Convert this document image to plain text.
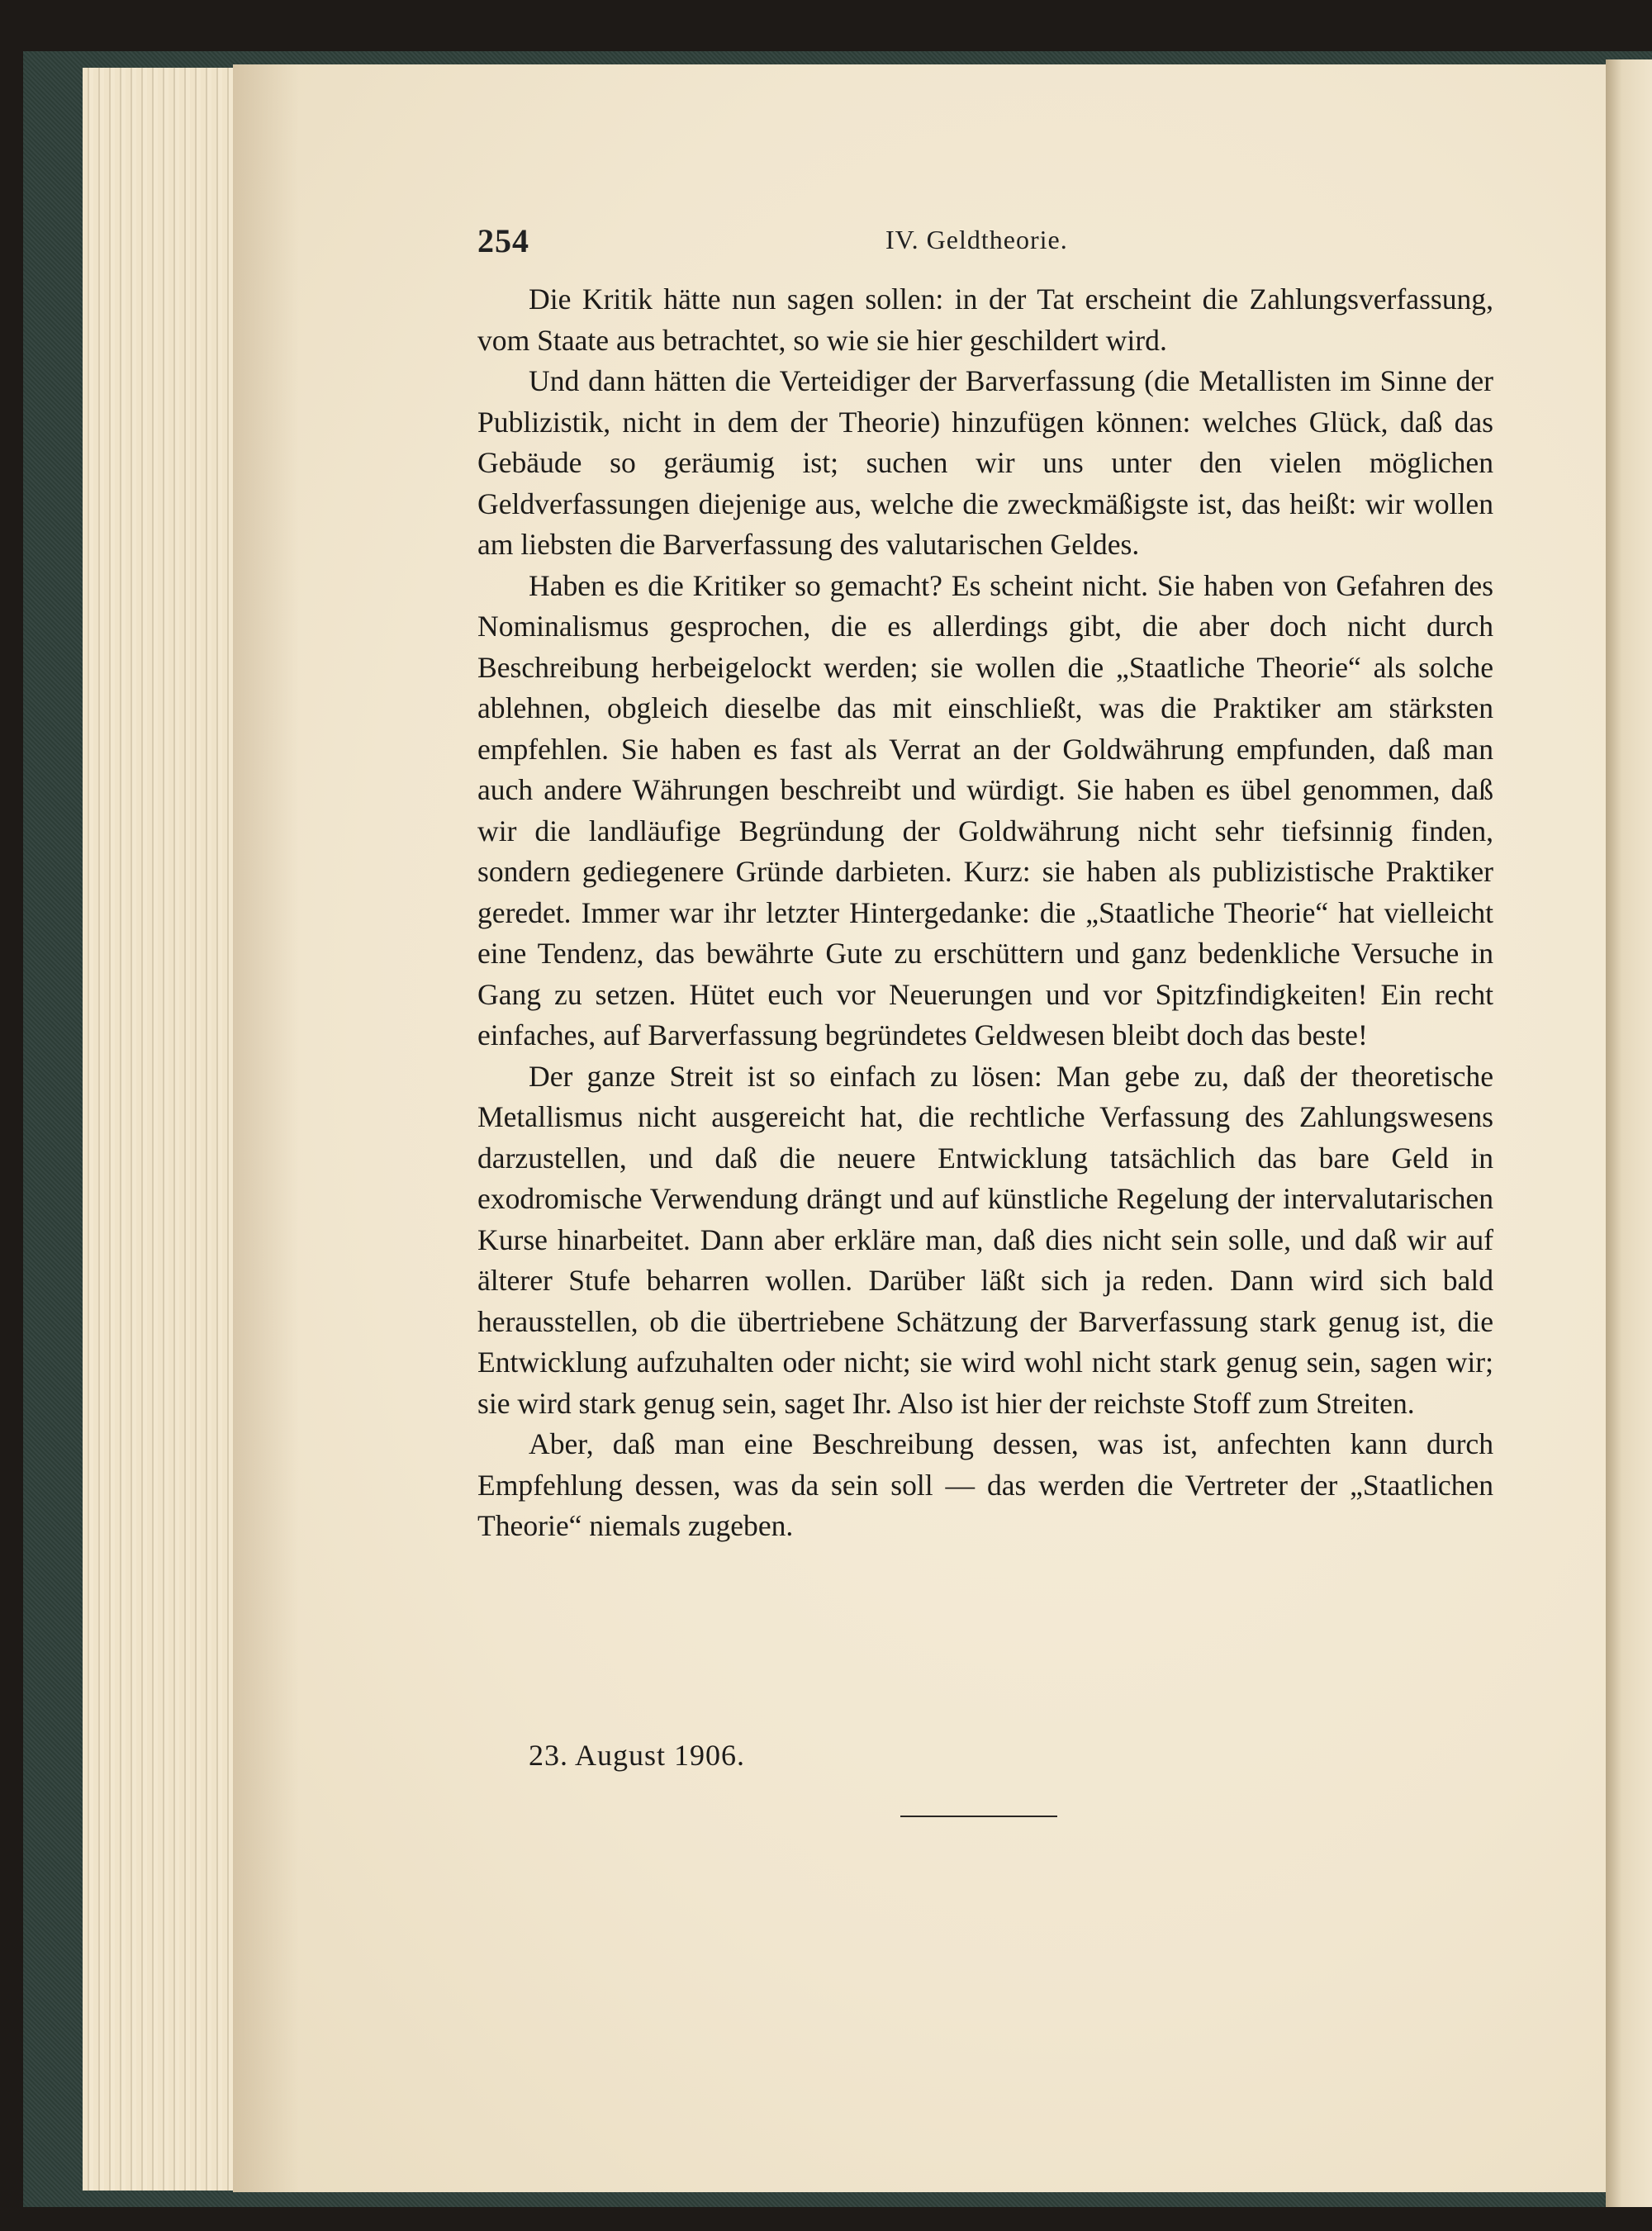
254	IV. Geldtheorie.

Die Kritik hätte nun sagen sollen: in der Tat erscheint die Zahlungsverfassung, vom Staate aus betrachtet, so wie sie hier geschildert wird.

Und dann hätten die Verteidiger der Barverfassung (die Metallisten im Sinne der Publizistik, nicht in dem der Theorie) hinzufügen können: welches Glück, daß das Gebäude so geräumig ist; suchen wir uns unter den vielen möglichen Geldverfassungen diejenige aus, welche die zweckmäßigste ist, das heißt: wir wollen am liebsten die Barverfassung des valutarischen Geldes.

Haben es die Kritiker so gemacht? Es scheint nicht. Sie haben von Gefahren des Nominalismus gesprochen, die es allerdings gibt, die aber doch nicht durch Beschreibung herbeigelockt werden; sie wollen die „Staatliche Theorie“ als solche ablehnen, obgleich dieselbe das mit einschließt, was die Praktiker am stärksten empfehlen. Sie haben es fast als Verrat an der Goldwährung empfunden, daß man auch andere Währungen beschreibt und würdigt. Sie haben es übel genommen, daß wir die landläufige Begründung der Goldwährung nicht sehr tiefsinnig finden, sondern gediegenere Gründe darbieten. Kurz: sie haben als publizistische Praktiker geredet. Immer war ihr letzter Hintergedanke: die „Staatliche Theorie“ hat vielleicht eine Tendenz, das bewährte Gute zu erschüttern und ganz bedenkliche Versuche in Gang zu setzen. Hütet euch vor Neuerungen und vor Spitzfindigkeiten! Ein recht einfaches, auf Barverfassung begründetes Geldwesen bleibt doch das beste!

Der ganze Streit ist so einfach zu lösen: Man gebe zu, daß der theoretische Metallismus nicht ausgereicht hat, die rechtliche Verfassung des Zahlungswesens darzustellen, und daß die neuere Entwicklung tatsächlich das bare Geld in exodromische Verwendung drängt und auf künstliche Regelung der intervalutarischen Kurse hinarbeitet. Dann aber erkläre man, daß dies nicht sein solle, und daß wir auf älterer Stufe beharren wollen. Darüber läßt sich ja reden. Dann wird sich bald herausstellen, ob die übertriebene Schätzung der Barverfassung stark genug ist, die Entwicklung aufzuhalten oder nicht; sie wird wohl nicht stark genug sein, sagen wir; sie wird stark genug sein, saget Ihr. Also ist hier der reichste Stoff zum Streiten.

Aber, daß man eine Beschreibung dessen, was ist, anfechten kann durch Empfehlung dessen, was da sein soll — das werden die Vertreter der „Staatlichen Theorie“ niemals zugeben.

23. August 1906.
